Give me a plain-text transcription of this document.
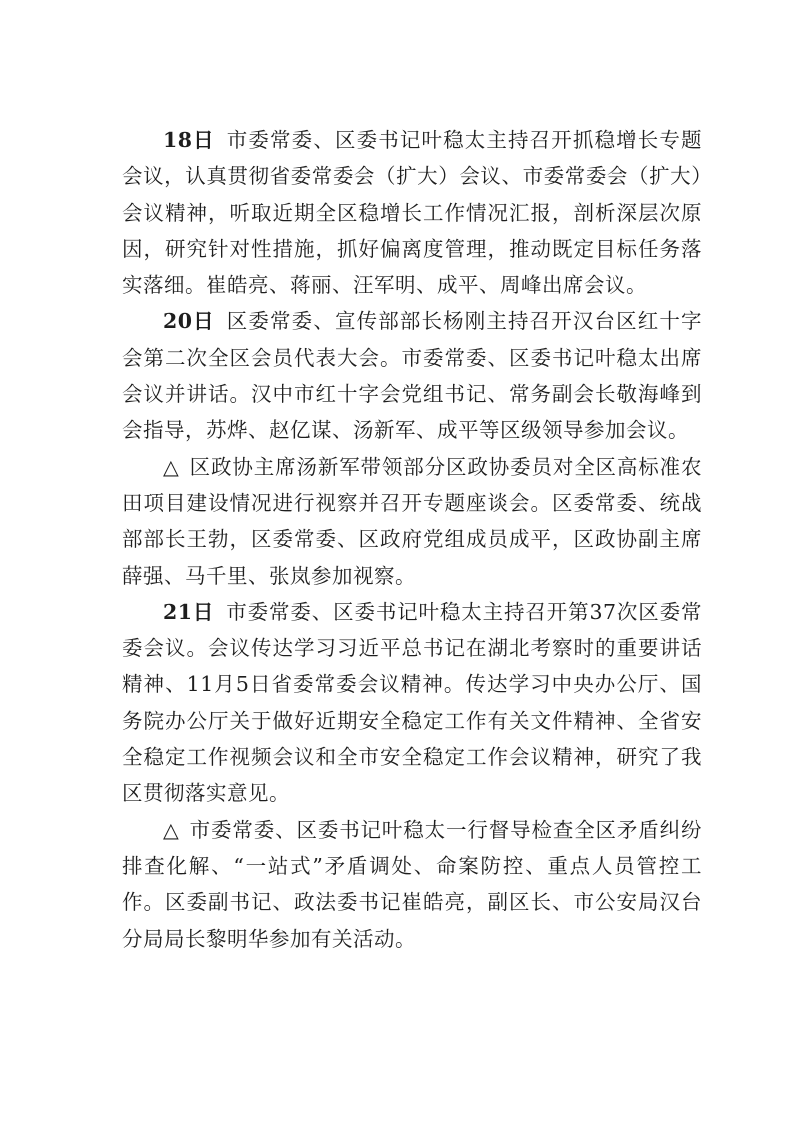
18日 市委常委、区委书记叶稳太主持召开抓稳增长专题会议，认真贯彻省委常委会（扩大）会议、市委常委会（扩大）会议精神，听取近期全区稳增长工作情况汇报，剖析深层次原因，研究针对性措施，抓好偏离度管理，推动既定目标任务落实落细。崔皓亮、蒋丽、汪军明、成平、周峰出席会议。

20日 区委常委、宣传部部长杨刚主持召开汉台区红十字会第二次全区会员代表大会。市委常委、区委书记叶稳太出席会议并讲话。汉中市红十字会党组书记、常务副会长敬海峰到会指导，苏烨、赵亿谋、汤新军、成平等区级领导参加会议。

△ 区政协主席汤新军带领部分区政协委员对全区高标准农田项目建设情况进行视察并召开专题座谈会。区委常委、统战部部长王勃，区委常委、区政府党组成员成平，区政协副主席薛强、马千里、张岚参加视察。

21日 市委常委、区委书记叶稳太主持召开第37次区委常委会议。会议传达学习习近平总书记在湖北考察时的重要讲话精神、11月5日省委常委会议精神。传达学习中央办公厅、国务院办公厅关于做好近期安全稳定工作有关文件精神、全省安全稳定工作视频会议和全市安全稳定工作会议精神，研究了我区贯彻落实意见。

△ 市委常委、区委书记叶稳太一行督导检查全区矛盾纠纷排查化解、“一站式”矛盾调处、命案防控、重点人员管控工作。区委副书记、政法委书记崔皓亮，副区长、市公安局汉台分局局长黎明华参加有关活动。
